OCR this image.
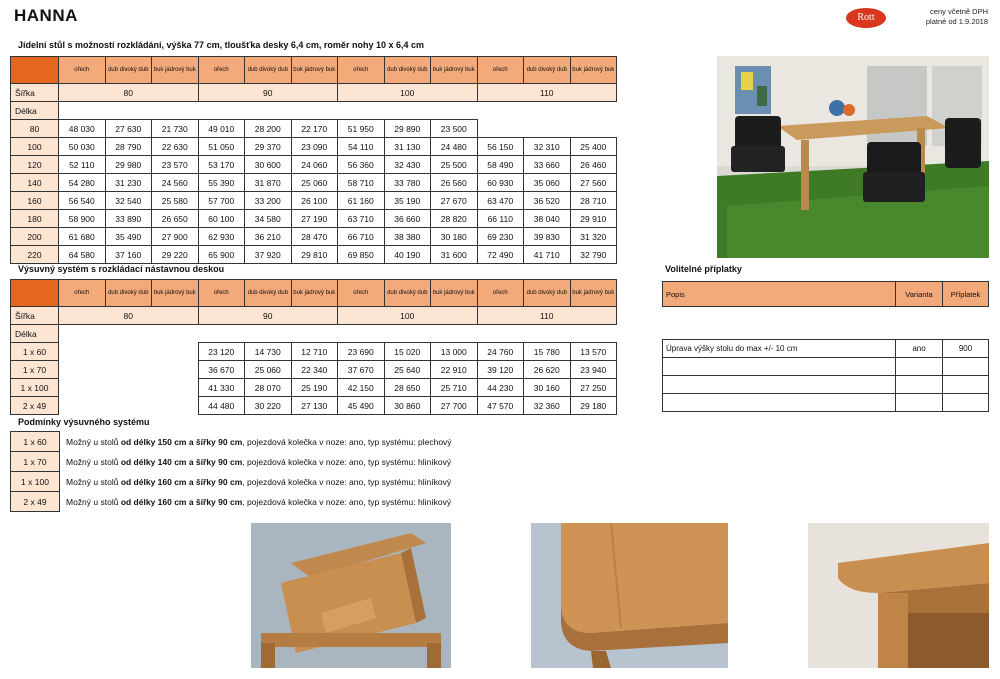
HANNA	Rott
ceny včetně DPH
platné od 1.9.2018
Jídelní stůl s možností rozkládání, výška 77 cm, tloušťka desky 6,4 cm, roměr nohy 10 x 6,4 cm
	ořech	dub divoký dub	buk jádrový buk	ořech	dub divoký dub	buk jádrový buk	ořech	dub divoký dub	buk jádrový buk	ořech	dub divoký dub	buk jádrový buk
Šířka	80			90			100			110		
Délka												
80	48 030	27 630	21 730	49 010	28 200	22 170	51 950	29 890	23 500			
100	50 030	28 790	22 630	51 050	29 370	23 090	54 110	31 130	24 480	56 150	32 310	25 400
120	52 110	29 980	23 570	53 170	30 600	24 060	56 360	32 430	25 500	58 490	33 660	26 460
140	54 280	31 230	24 560	55 390	31 870	25 060	58 710	33 780	26 560	60 930	35 060	27 560
160	56 540	32 540	25 580	57 700	33 200	26 100	61 160	35 190	27 670	63 470	36 520	28 710
180	58 900	33 890	26 650	60 100	34 580	27 190	63 710	36 660	28 820	66 110	38 040	29 910
200	61 680	35 490	27 900	62 930	36 210	28 470	66 710	38 380	30 180	69 230	39 830	31 320
220	64 580	37 160	29 220	65 900	37 920	29 810	69 850	40 190	31 600	72 490	41 710	32 790
Výsuvný systém s rozkládací nástavnou deskou
	ořech	dub divoký dub	buk jádrový buk	ořech	dub divoký dub	buk jádrový buk	ořech	dub divoký dub	buk jádrový buk	ořech	dub divoký dub	buk jádrový buk
Šířka	80			90			100			110		
Délka												
1 x 60				23 120	14 730	12 710	23 690	15 020	13 000	24 760	15 780	13 570
1 x 70				36 670	25 060	22 340	37 670	25 640	22 910	39 120	26 620	23 940
1 x 100				41 330	28 070	25 190	42 150	28 650	25 710	44 230	30 160	27 250
2 x 49				44 480	30 220	27 130	45 490	30 860	27 700	47 570	32 360	29 180
Volitelné příplatky
Popis	Varianta	Příplatek

Úprava výšky stolu do max +/- 10 cm	ano	900

Podmínky výsuvného systému
1 x 60	Možný u stolů od délky 150 cm a šířky 90 cm, pojezdová kolečka v noze: ano, typ systému: plechový
1 x 70	Možný u stolů od délky 140 cm a šířky 90 cm, pojezdová kolečka v noze: ano, typ systému: hliníkový
1 x 100	Možný u stolů od délky 160 cm a šířky 90 cm, pojezdová kolečka v noze: ano, typ systému: hliníkový
2 x 49	Možný u stolů od délky 160 cm a šířky 90 cm, pojezdová kolečka v noze: ano, typ systému: hliníkový
